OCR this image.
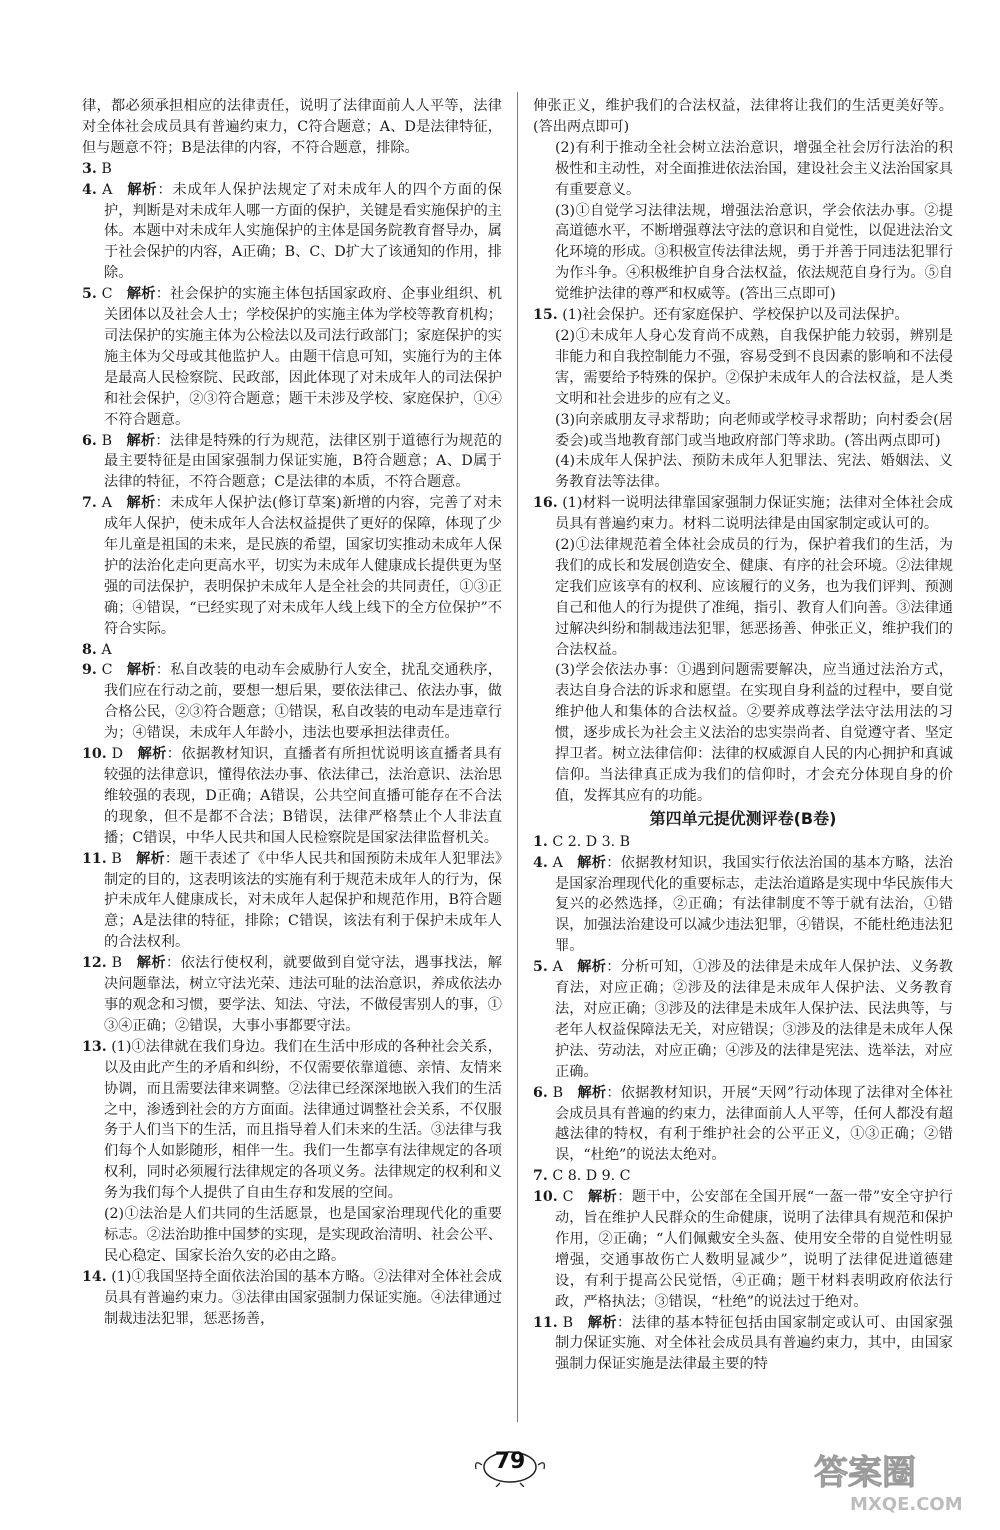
律，都必须承担相应的法律责任，说明了法律面前人人平等，法律对全体社会成员具有普遍约束力，C符合题意；A、D是法律特征，但与题意不符；B是法律的内容，不符合题意，排除。

3. B

4. A  解析：未成年人保护法规定了对未成年人的四个方面的保护，判断是对未成年人哪一方面的保护，关键是看实施保护的主体。本题中对未成年人实施保护的主体是国务院教育督导办，属于社会保护的内容，A正确；B、C、D扩大了该通知的作用，排除。

5. C  解析：社会保护的实施主体包括国家政府、企事业组织、机关团体以及社会人士；学校保护的实施主体为学校等教育机构；司法保护的实施主体为公检法以及司法行政部门；家庭保护的实施主体为父母或其他监护人。由题干信息可知，实施行为的主体是最高人民检察院、民政部，因此体现了对未成年人的司法保护和社会保护，②③符合题意；题干未涉及学校、家庭保护，①④不符合题意。

6. B  解析：法律是特殊的行为规范，法律区别于道德行为规范的最主要特征是由国家强制力保证实施，B符合题意；A、D属于法律的特征，不符合题意；C是法律的本质，不符合题意。

7. A  解析：未成年人保护法(修订草案)新增的内容，完善了对未成年人保护，使未成年人合法权益提供了更好的保障，体现了少年儿童是祖国的未来，是民族的希望，国家切实推动未成年人保护的法治化走向更高水平，切实为未成年人健康成长提供更为坚强的司法保护，表明保护未成年人是全社会的共同责任，①③正确；④错误，“已经实现了对未成年人线上线下的全方位保护”不符合实际。

8. A

9. C  解析：私自改装的电动车会威胁行人安全，扰乱交通秩序，我们应在行动之前，要想一想后果，要依法律己、依法办事，做合格公民，②③符合题意；①错误，私自改装的电动车是违章行为；④错误，未成年人年龄小，违法也要承担法律责任。

10. D  解析：依据教材知识，直播者有所担忧说明该直播者具有较强的法律意识，懂得依法办事、依法律己，法治意识、法治思维较强的表现，D正确；A错误，公共空间直播可能存在不合法的现象，但不是都不合法；B错误，法律严格禁止个人非法直播；C错误，中华人民共和国人民检察院是国家法律监督机关。

11. B  解析：题干表述了《中华人民共和国预防未成年人犯罪法》制定的目的，这表明该法的实施有利于规范未成年人的行为，保护未成年人健康成长，对未成年人起保护和规范作用，B符合题意；A是法律的特征，排除；C错误，该法有利于保护未成年人的合法权利。

12. B  解析：依法行使权利，就要做到自觉守法，遇事找法，解决问题靠法，树立守法光荣、违法可耻的法治意识，养成依法办事的观念和习惯，要学法、知法、守法，不做侵害别人的事，①③④正确；②错误，大事小事都要守法。

13. (1)①法律就在我们身边。我们在生活中形成的各种社会关系，以及由此产生的矛盾和纠纷，不仅需要依靠道德、亲情、友情来协调，而且需要法律来调整。②法律已经深深地嵌入我们的生活之中，渗透到社会的方方面面。法律通过调整社会关系，不仅服务于人们当下的生活，而且指导着人们未来的生活。③法律与我们每个人如影随形，相伴一生。我们一生都享有法律规定的各项权利，同时必须履行法律规定的各项义务。法律规定的权利和义务为我们每个人提供了自由生存和发展的空间。

(2)①法治是人们共同的生活愿景，也是国家治理现代化的重要标志。②法治助推中国梦的实现，是实现政治清明、社会公平、民心稳定、国家长治久安的必由之路。

14. (1)①我国坚持全面依法治国的基本方略。②法律对全体社会成员具有普遍约束力。③法律由国家强制力保证实施。④法律通过制裁违法犯罪，惩恶扬善，

伸张正义，维护我们的合法权益，法律将让我们的生活更美好等。(答出两点即可)

(2)有利于推动全社会树立法治意识，增强全社会厉行法治的积极性和主动性，对全面推进依法治国，建设社会主义法治国家具有重要意义。

(3)①自觉学习法律法规，增强法治意识，学会依法办事。②提高道德水平，不断增强尊法守法的意识和自觉性，以促进法治文化环境的形成。③积极宣传法律法规，勇于并善于同违法犯罪行为作斗争。④积极维护自身合法权益，依法规范自身行为。⑤自觉维护法律的尊严和权威等。(答出三点即可)

15. (1)社会保护。还有家庭保护、学校保护以及司法保护。

(2)①未成年人身心发育尚不成熟，自我保护能力较弱，辨别是非能力和自我控制能力不强，容易受到不良因素的影响和不法侵害，需要给予特殊的保护。②保护未成年人的合法权益，是人类文明和社会进步的应有之义。

(3)向亲戚朋友寻求帮助；向老师或学校寻求帮助；向村委会(居委会)或当地教育部门或当地政府部门等求助。(答出两点即可)

(4)未成年人保护法、预防未成年人犯罪法、宪法、婚姻法、义务教育法等法律。

16. (1)材料一说明法律靠国家强制力保证实施；法律对全体社会成员具有普遍约束力。材料二说明法律是由国家制定或认可的。

(2)①法律规范着全体社会成员的行为，保护着我们的生活，为我们的成长和发展创造安全、健康、有序的社会环境。②法律规定我们应该享有的权利、应该履行的义务，也为我们评判、预测自己和他人的行为提供了准绳，指引、教育人们向善。③法律通过解决纠纷和制裁违法犯罪，惩恶扬善、伸张正义，维护我们的合法权益。

(3)学会依法办事：①遇到问题需要解决，应当通过法治方式，表达自身合法的诉求和愿望。在实现自身利益的过程中，要自觉维护他人和集体的合法权益。②要养成尊法学法守法用法的习惯，逐步成长为社会主义法治的忠实崇尚者、自觉遵守者、坚定捍卫者。树立法律信仰：法律的权威源自人民的内心拥护和真诚信仰。当法律真正成为我们的信仰时，才会充分体现自身的价值，发挥其应有的功能。

第四单元提优测评卷(B卷)

1. C 2. D 3. B

4. A  解析：依据教材知识，我国实行依法治国的基本方略，法治是国家治理现代化的重要标志，走法治道路是实现中华民族伟大复兴的必然选择，②正确；有法律制度不等于就有法治，①错误，加强法治建设可以减少违法犯罪，④错误，不能杜绝违法犯罪。

5. A  解析：分析可知，①涉及的法律是未成年人保护法、义务教育法，对应正确；②涉及的法律是未成年人保护法、义务教育法，对应正确；③涉及的法律是未成年人保护法、民法典等，与老年人权益保障法无关，对应错误；③涉及的法律是未成年人保护法、劳动法，对应正确；④涉及的法律是宪法、选举法，对应正确。

6. B  解析：依据教材知识，开展“天网”行动体现了法律对全体社会成员具有普遍的约束力，法律面前人人平等，任何人都没有超越法律的特权，有利于维护社会的公平正义，①③正确；②错误，“杜绝”的说法太绝对。

7. C 8. D 9. C

10. C  解析：题干中，公安部在全国开展“一盔一带”安全守护行动，旨在维护人民群众的生命健康，说明了法律具有规范和保护作用，②正确；“人们佩戴安全头盔、使用安全带的自觉性明显增强，交通事故伤亡人数明显减少”，说明了法律促进道德建设，有利于提高公民觉悟，④正确；题干材料表明政府依法行政，严格执法；③错误，“杜绝”的说法过于绝对。

11. B  解析：法律的基本特征包括由国家制定或认可、由国家强制力保证实施、对全体社会成员具有普遍约束力，其中，由国家强制力保证实施是法律最主要的特

79	答案圈
MXQE.COM
